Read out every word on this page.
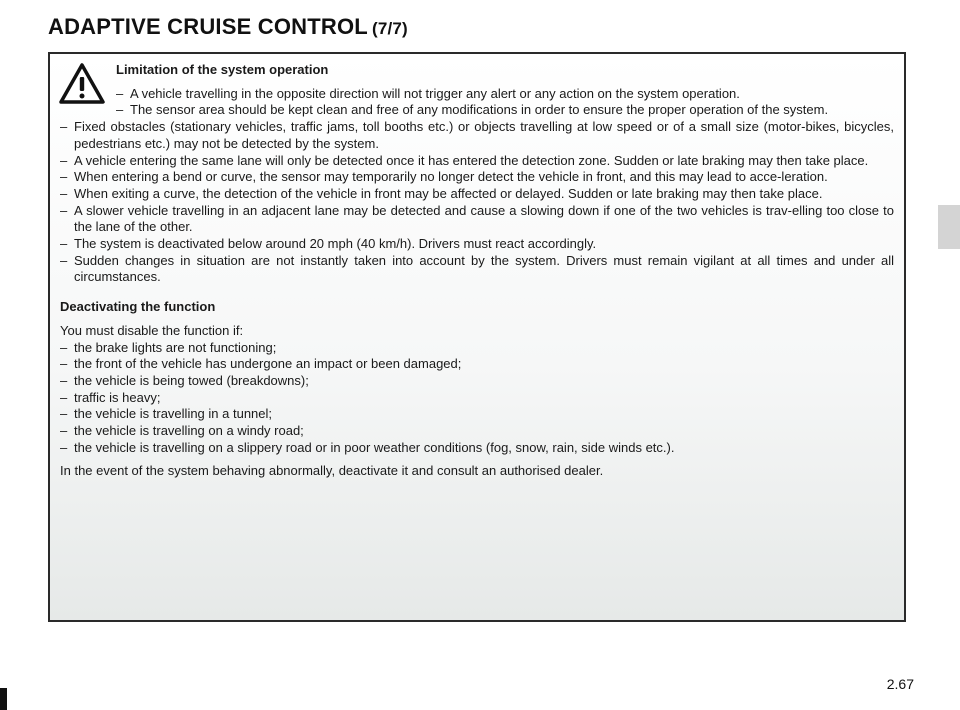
ADAPTIVE CRUISE CONTROL (7/7)

Limitation of the system operation

– A vehicle travelling in the opposite direction will not trigger any alert or any action on the system operation.
– The sensor area should be kept clean and free of any modifications in order to ensure the proper operation of the system.
– Fixed obstacles (stationary vehicles, traffic jams, toll booths etc.) or objects travelling at low speed or of a small size (motor-bikes, bicycles, pedestrians etc.) may not be detected by the system.
– A vehicle entering the same lane will only be detected once it has entered the detection zone. Sudden or late braking may then take place.
– When entering a bend or curve, the sensor may temporarily no longer detect the vehicle in front, and this may lead to acce-leration.
– When exiting a curve, the detection of the vehicle in front may be affected or delayed. Sudden or late braking may then take place.
– A slower vehicle travelling in an adjacent lane may be detected and cause a slowing down if one of the two vehicles is trav-elling too close to the lane of the other.
– The system is deactivated below around 20 mph (40 km/h). Drivers must react accordingly.
– Sudden changes in situation are not instantly taken into account by the system. Drivers must remain vigilant at all times and under all circumstances.

Deactivating the function

You must disable the function if:

– the brake lights are not functioning;
– the front of the vehicle has undergone an impact or been damaged;
– the vehicle is being towed (breakdowns);
– traffic is heavy;
– the vehicle is travelling in a tunnel;
– the vehicle is travelling on a windy road;
– the vehicle is travelling on a slippery road or in poor weather conditions (fog, snow, rain, side winds etc.).

In the event of the system behaving abnormally, deactivate it and consult an authorised dealer.

2.67
